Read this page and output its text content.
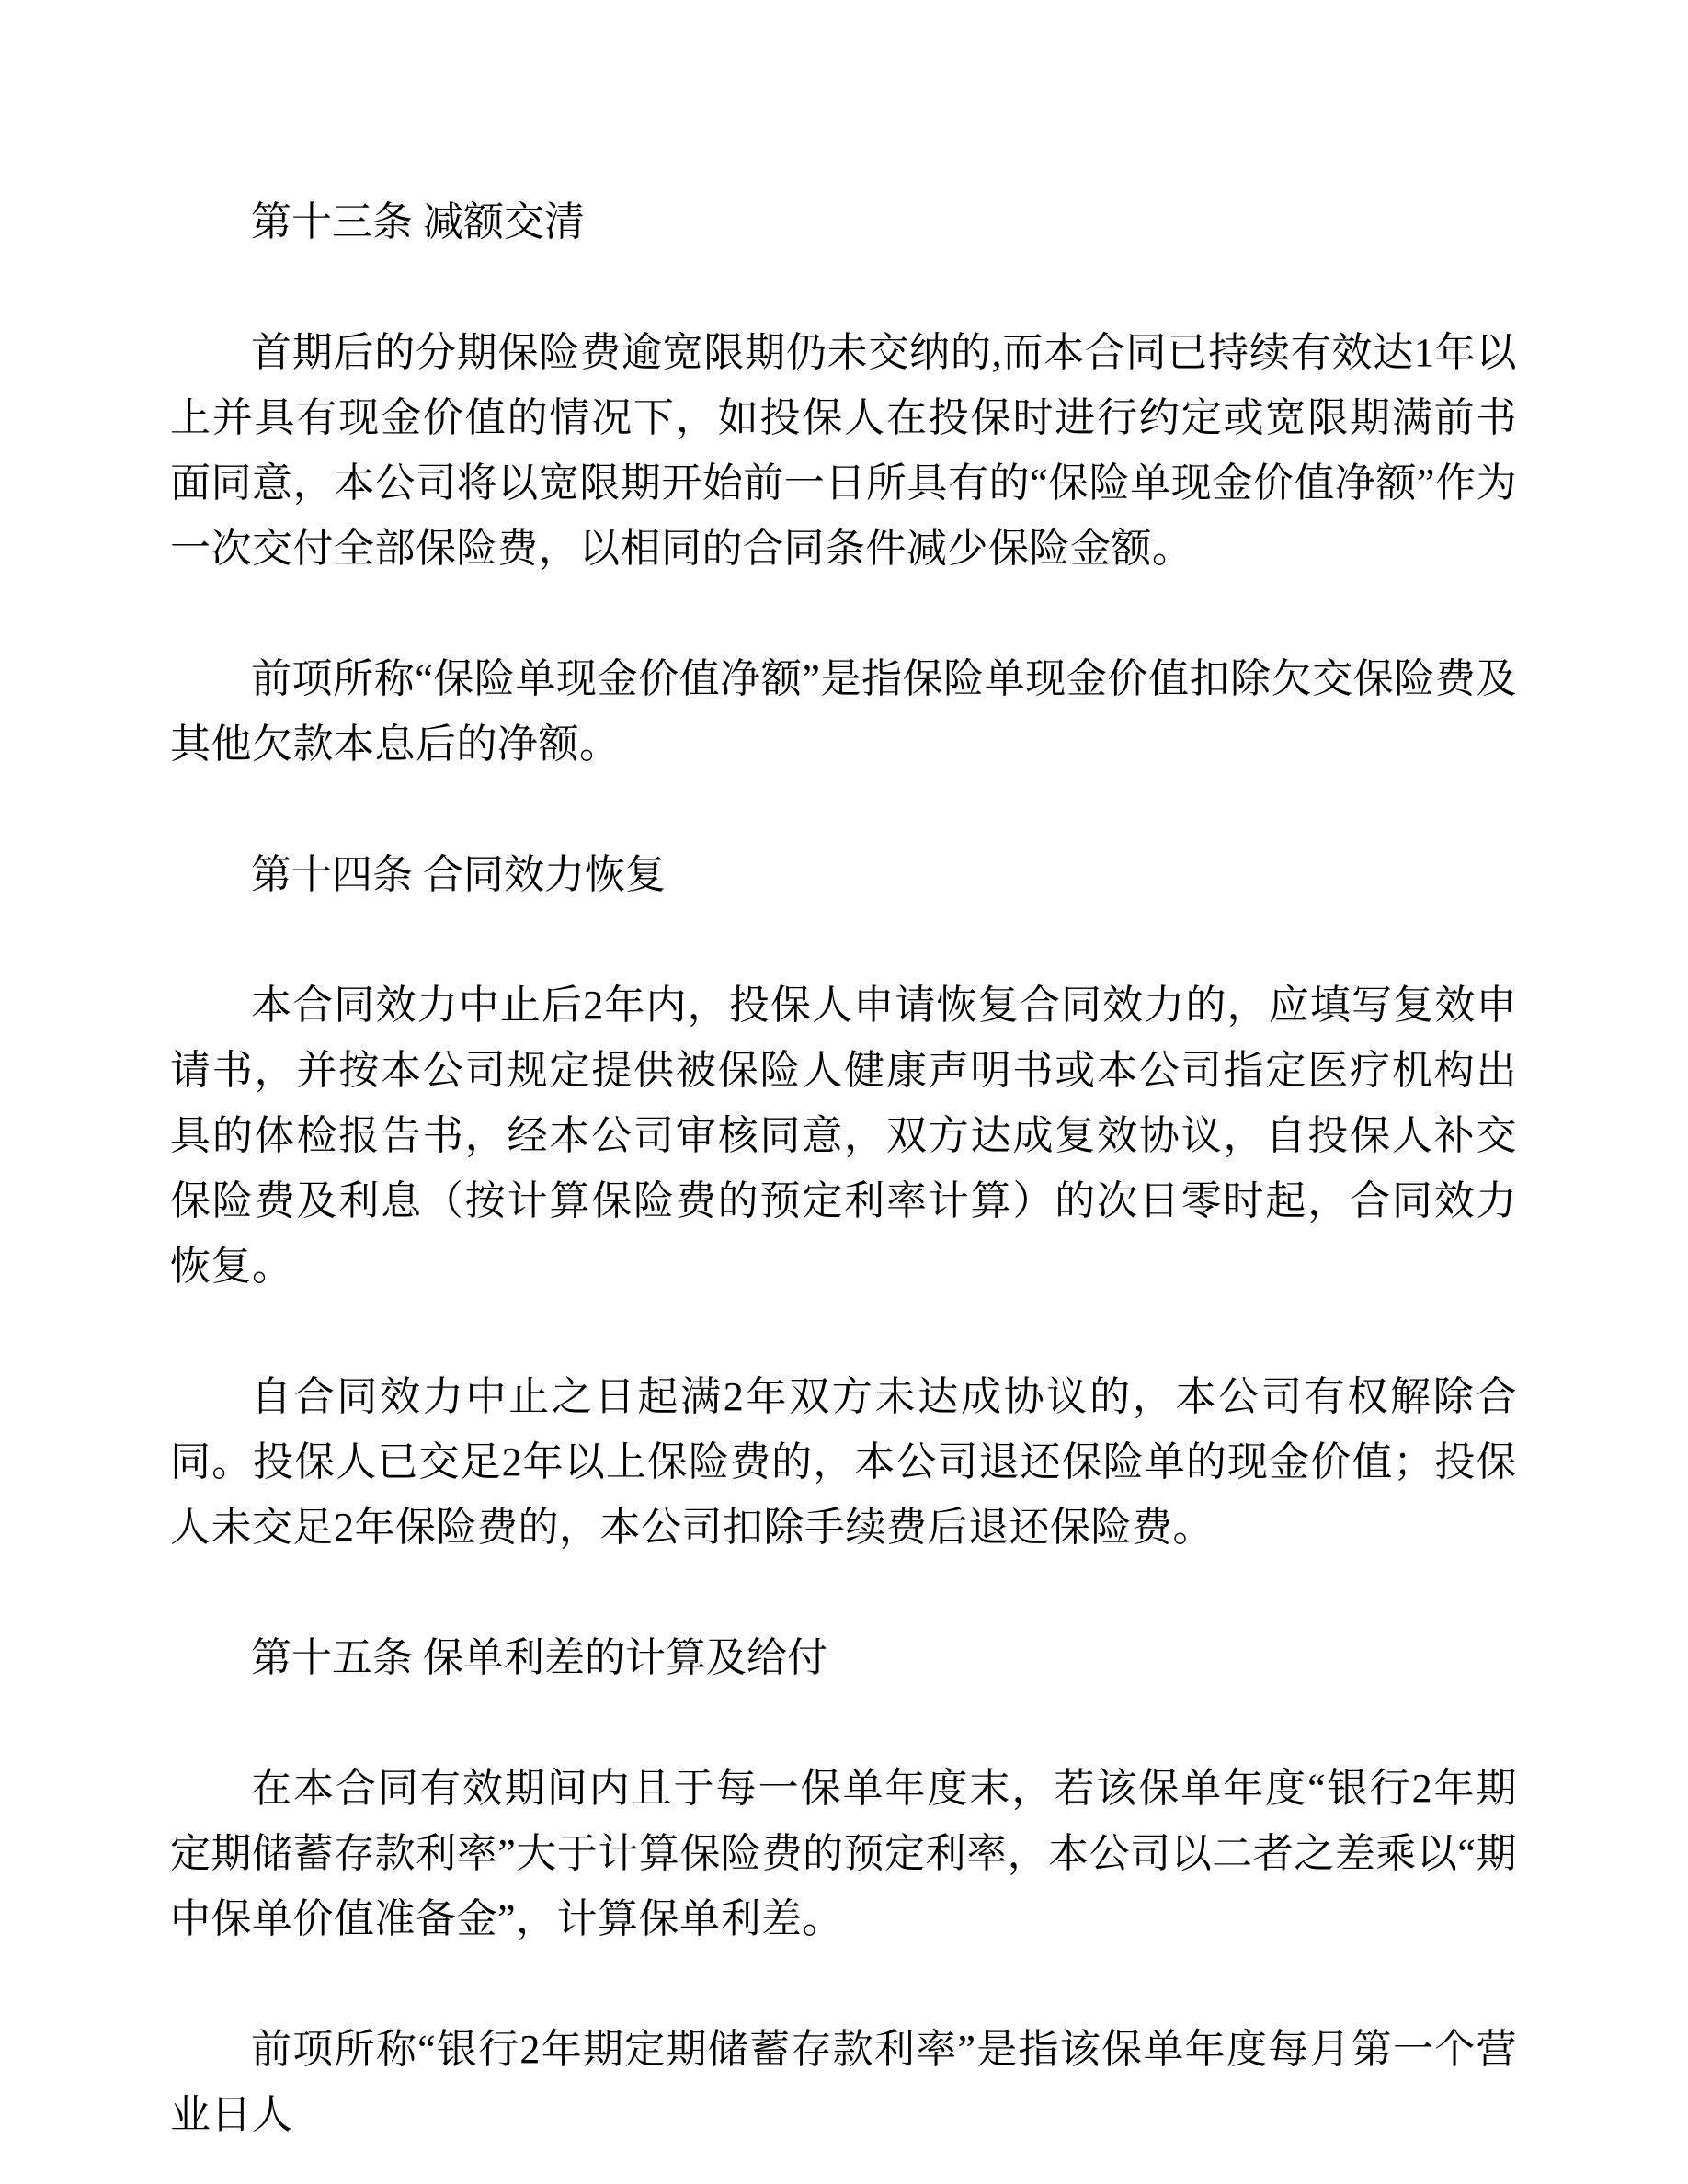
第十三条 减额交清

首期后的分期保险费逾宽限期仍未交纳的,而本合同已持续有效达1年以上并具有现金价值的情况下，如投保人在投保时进行约定或宽限期满前书面同意，本公司将以宽限期开始前一日所具有的“保险单现金价值净额”作为一次交付全部保险费，以相同的合同条件减少保险金额。

前项所称“保险单现金价值净额”是指保险单现金价值扣除欠交保险费及其他欠款本息后的净额。

第十四条 合同效力恢复

本合同效力中止后2年内，投保人申请恢复合同效力的，应填写复效申请书，并按本公司规定提供被保险人健康声明书或本公司指定医疗机构出具的体检报告书，经本公司审核同意，双方达成复效协议，自投保人补交保险费及利息（按计算保险费的预定利率计算）的次日零时起，合同效力恢复。

自合同效力中止之日起满2年双方未达成协议的，本公司有权解除合同。投保人已交足2年以上保险费的，本公司退还保险单的现金价值；投保人未交足2年保险费的，本公司扣除手续费后退还保险费。

第十五条 保单利差的计算及给付

在本合同有效期间内且于每一保单年度末，若该保单年度“银行2年期定期储蓄存款利率”大于计算保险费的预定利率，本公司以二者之差乘以“期中保单价值准备金”，计算保单利差。

前项所称“银行2年期定期储蓄存款利率”是指该保单年度每月第一个营业日人
